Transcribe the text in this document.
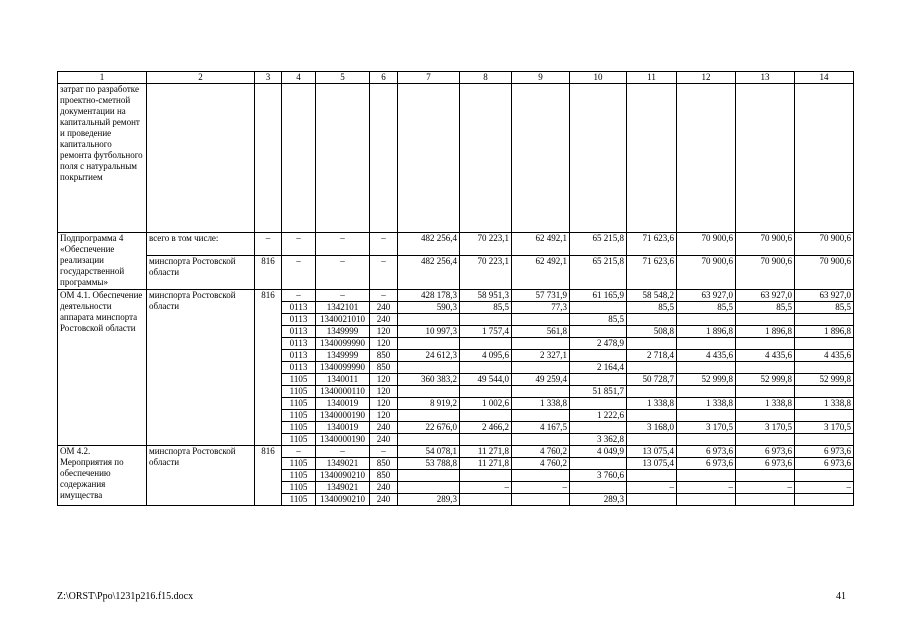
1	2	3	4	5	6	7	8	9	10	11	12	13	14
затрат по разработке проектно-сметной документации на капитальный ремонт и проведение капитального ремонта футбольного поля с натуральным покрытием													
Подпрограмма 4 «Обеспечение реализации государственной программы»	всего в том числе:	–	–	–	–	482 256,4	70 223,1	62 492,1	65 215,8	71 623,6	70 900,6	70 900,6	70 900,6
	минспорта Ростовской области	816	–	–	–	482 256,4	70 223,1	62 492,1	65 215,8	71 623,6	70 900,6	70 900,6	70 900,6
ОМ 4.1. Обеспечение деятельности аппарата минспорта Ростовской области	минспорта Ростовской области	816	–	–	–	428 178,3	58 951,3	57 731,9	61 165,9	58 548,2	63 927,0	63 927,0	63 927,0
			0113	1342101	240	590,3	85,5	77,3		85,5	85,5	85,5	85,5
			0113	1340021010	240				85,5				
			0113	1349999	120	10 997,3	1 757,4	561,8		508,8	1 896,8	1 896,8	1 896,8
			0113	1340099990	120				2 478,9				
			0113	1349999	850	24 612,3	4 095,6	2 327,1		2 718,4	4 435,6	4 435,6	4 435,6
			0113	1340099990	850				2 164,4				
			1105	1340011	120	360 383,2	49 544,0	49 259,4		50 728,7	52 999,8	52 999,8	52 999,8
			1105	1340000110	120				51 851,7				
			1105	1340019	120	8 919,2	1 002,6	1 338,8		1 338,8	1 338,8	1 338,8	1 338,8
			1105	1340000190	120				1 222,6				
			1105	1340019	240	22 676,0	2 466,2	4 167,5		3 168,0	3 170,5	3 170,5	3 170,5
			1105	1340000190	240				3 362,8				
ОМ 4.2. Мероприятия по обеспечению содержания имущества	минспорта Ростовской области	816	–	–	–	54 078,1	11 271,8	4 760,2	4 049,9	13 075,4	6 973,6	6 973,6	6 973,6
			1105	1349021	850	53 788,8	11 271,8	4 760,2		13 075,4	6 973,6	6 973,6	6 973,6
			1105	1340090210	850				3 760,6				
			1105	1349021	240		–	–		–	–	–	–
			1105	1340090210	240	289,3			289,3				
Z:\ORST\Ppo\1231p216.f15.docx	41
